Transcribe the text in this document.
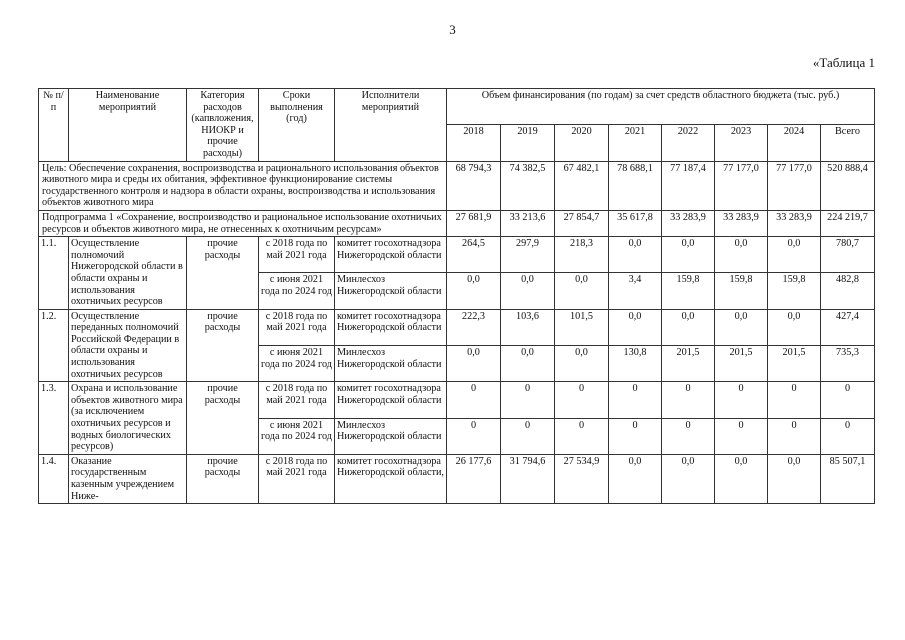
3
«Таблица 1
№ п/п	Наименование мероприятий	Категория расходов (капвложения, НИОКР и прочие расходы)	Сроки выполнения (год)	Исполнители мероприятий	Объем финансирования (по годам) за счет средств областного бюджета (тыс. руб.)							
					2018	2019	2020	2021	2022	2023	2024	Всего
Цель: Обеспечение сохранения, воспроизводства и рационального использования объектов животного мира и среды их обитания, эффективное функционирование системы государственного контроля и надзора в области охраны, воспроизводства и использования объектов животного мира					68 794,3	74 382,5	67 482,1	78 688,1	77 187,4	77 177,0	77 177,0	520 888,4
Подпрограмма 1 «Сохранение, воспроизводство и рациональное использование охотничьих ресурсов и объектов животного мира, не отнесенных к охотничьим ресурсам»					27 681,9	33 213,6	27 854,7	35 617,8	33 283,9	33 283,9	33 283,9	224 219,7
1.1.	Осуществление полномочий Нижегородской области в области охраны и использования охотничьих ресурсов	прочие расходы	с 2018 года по май 2021 года	комитет госохотнадзора Нижегородской области	264,5	297,9	218,3	0,0	0,0	0,0	0,0	780,7
			с июня 2021 года по 2024 год	Минлесхоз Нижегородской области	0,0	0,0	0,0	3,4	159,8	159,8	159,8	482,8
1.2.	Осуществление переданных полномочий Российской Федерации в области охраны и использования охотничьих ресурсов	прочие расходы	с 2018 года по май 2021 года	комитет госохотнадзора Нижегородской области	222,3	103,6	101,5	0,0	0,0	0,0	0,0	427,4
			с июня 2021 года по 2024 год	Минлесхоз Нижегородской области	0,0	0,0	0,0	130,8	201,5	201,5	201,5	735,3
1.3.	Охрана и использование объектов животного мира (за исключением охотничьих ресурсов и водных биологических ресурсов)	прочие расходы	с 2018 года по май 2021 года	комитет госохотнадзора Нижегородской области	0	0	0	0	0	0	0	0
			с июня 2021 года по 2024 год	Минлесхоз Нижегородской области	0	0	0	0	0	0	0	0
1.4.	Оказание государственным казенным учреждением Ниже-	прочие расходы	с 2018 года по май 2021 года	комитет госохотнадзора Нижегородской области,	26 177,6	31 794,6	27 534,9	0,0	0,0	0,0	0,0	85 507,1
